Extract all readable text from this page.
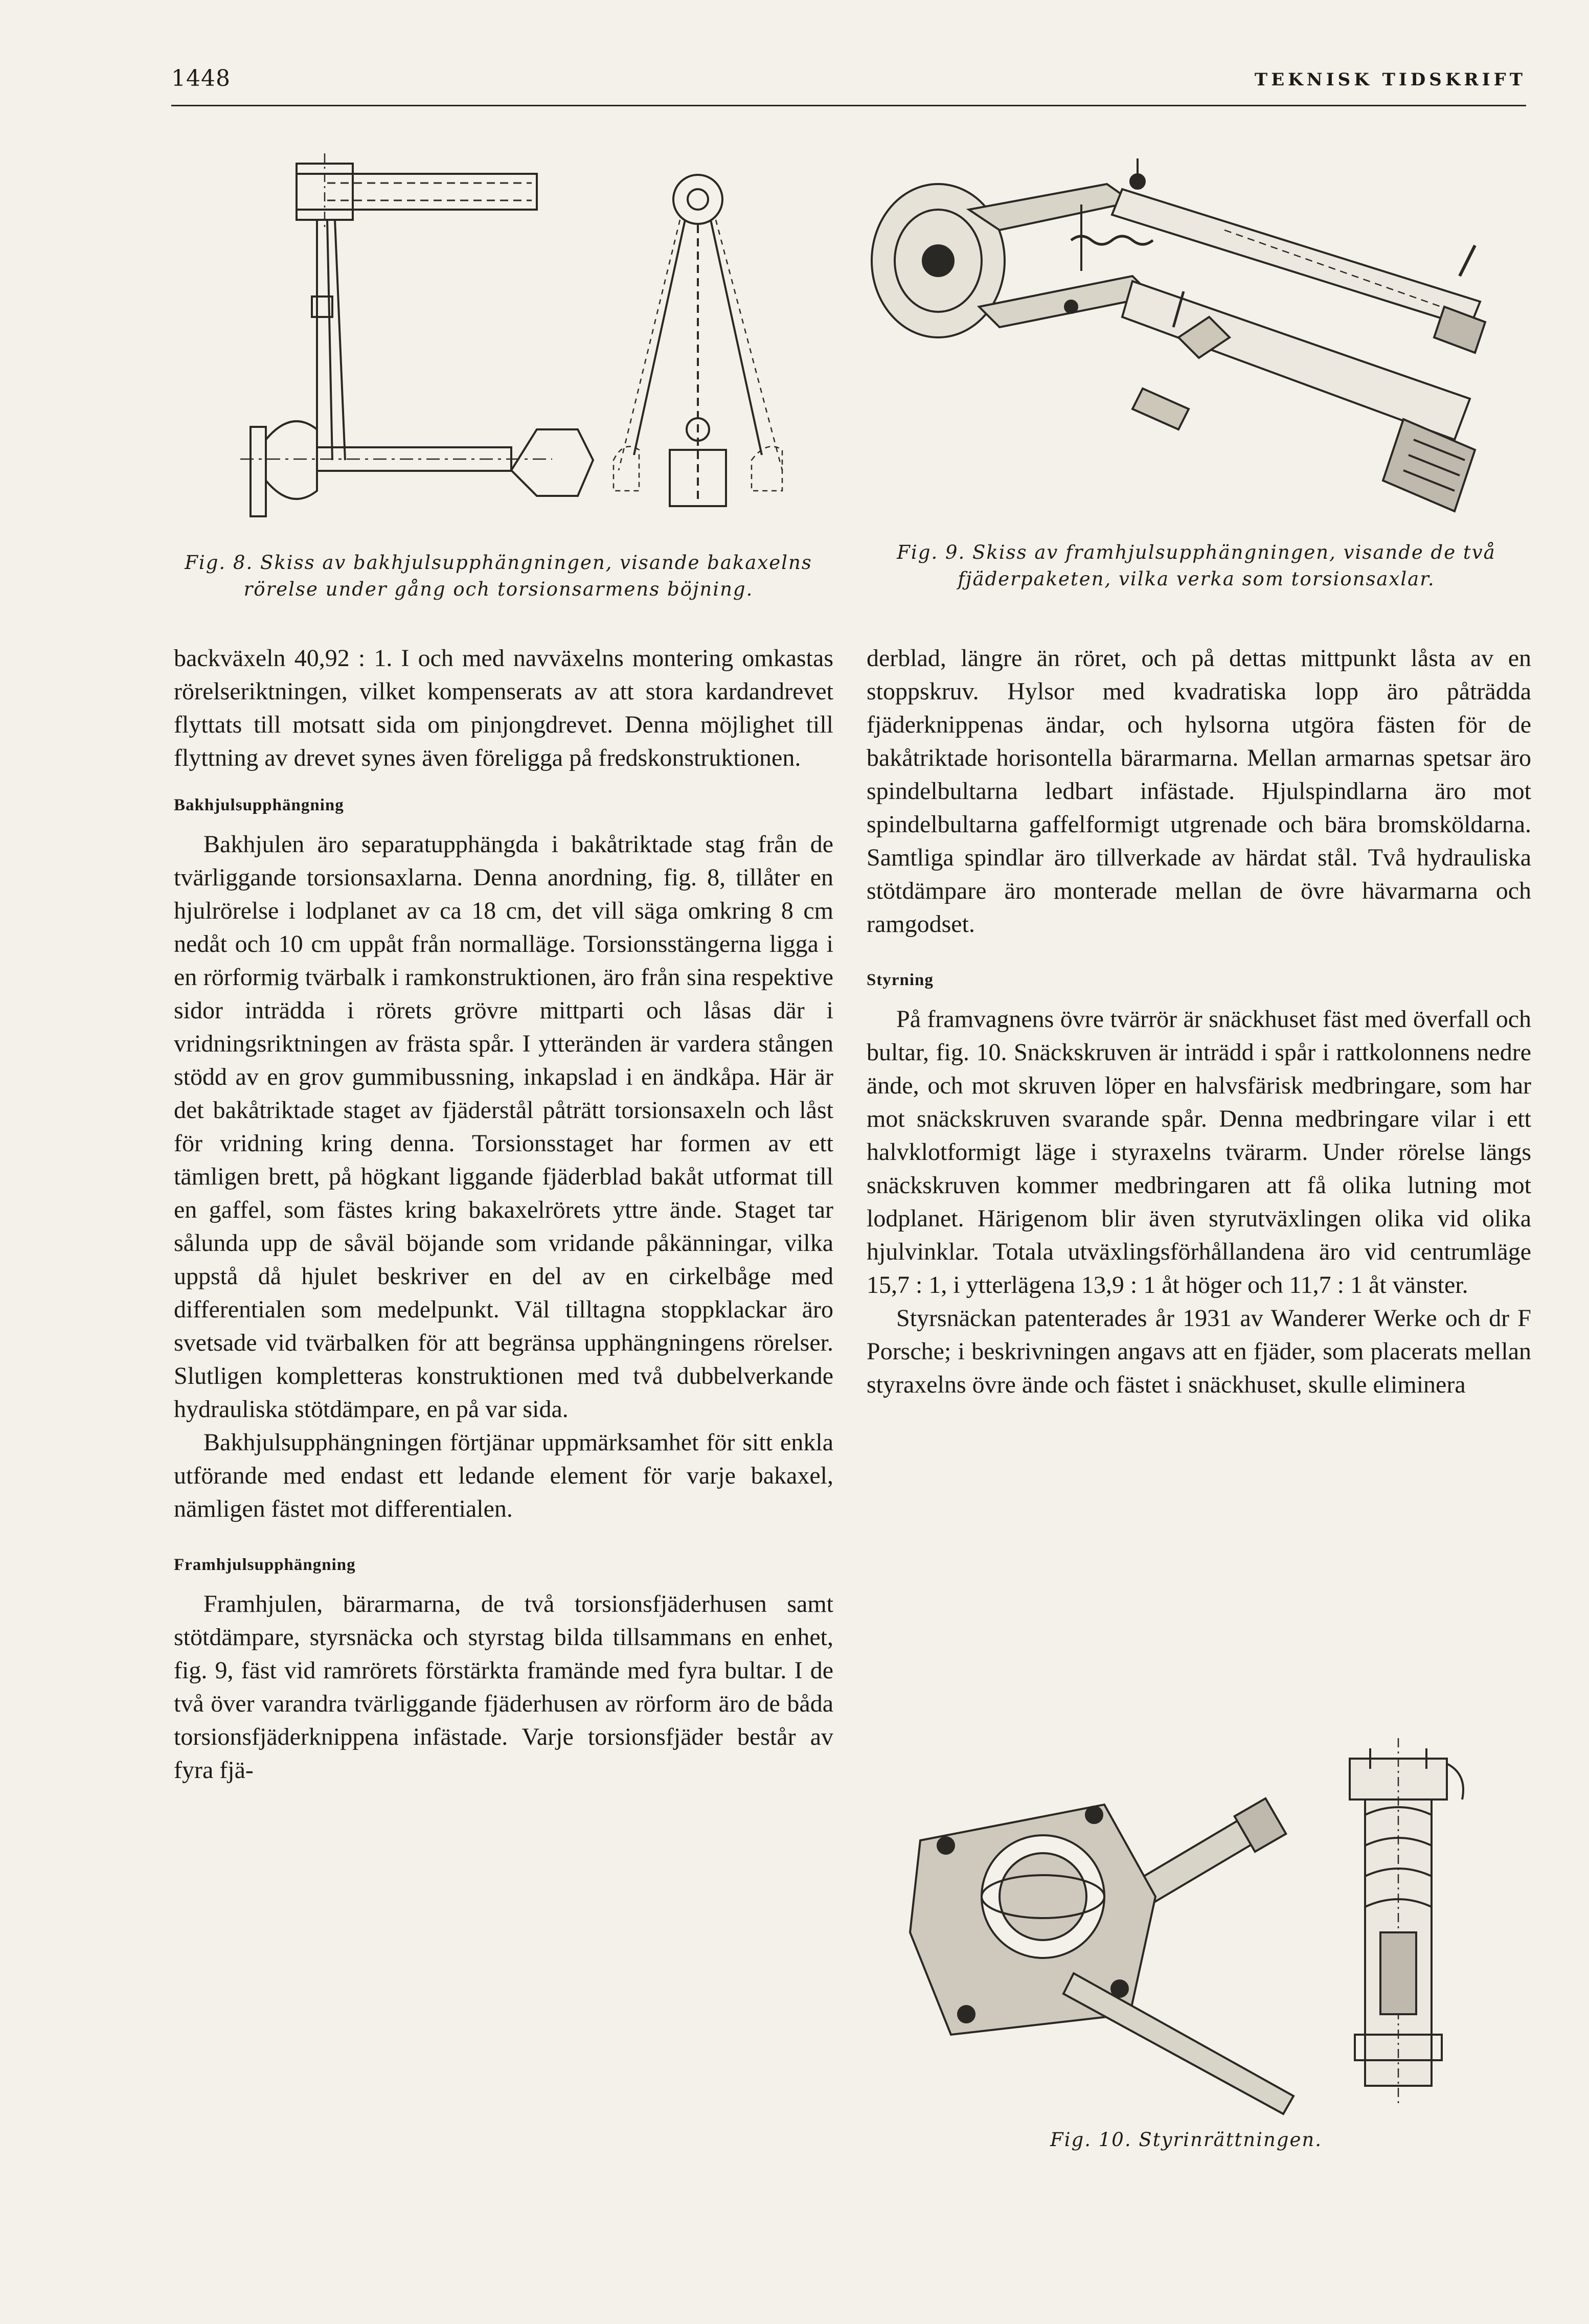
1448	TEKNISK TIDSKRIFT
Fig. 8. Skiss av bakhjulsupphängningen, visande bakaxelns rörelse under gång och torsionsarmens böjning.
Fig. 9. Skiss av framhjulsupphängningen, visande de två fjäderpaketen, vilka verka som torsionsaxlar.

backväxeln 40,92 : 1. I och med navväxelns montering omkastas rörelseriktningen, vilket kompenserats av att stora kardandrevet flyttats till motsatt sida om pinjongdrevet. Denna möjlighet till flyttning av drevet synes även föreligga på fredskonstruktionen.

Bakhjulsupphängning

Bakhjulen äro separatupphängda i bakåtriktade stag från de tvärliggande torsionsaxlarna. Denna anordning, fig. 8, tillåter en hjulrörelse i lodplanet av ca 18 cm, det vill säga omkring 8 cm nedåt och 10 cm uppåt från normalläge. Torsionsstängerna ligga i en rörformig tvärbalk i ramkonstruktionen, äro från sina respektive sidor inträdda i rörets grövre mittparti och låsas där i vridningsriktningen av frästa spår. I ytteränden är vardera stången stödd av en grov gummibussning, inkapslad i en ändkåpa. Här är det bakåtriktade staget av fjäderstål påträtt torsionsaxeln och låst för vridning kring denna. Torsionsstaget har formen av ett tämligen brett, på högkant liggande fjäderblad bakåt utformat till en gaffel, som fästes kring bakaxelrörets yttre ände. Staget tar sålunda upp de såväl böjande som vridande påkänningar, vilka uppstå då hjulet beskriver en del av en cirkelbåge med differentialen som medelpunkt. Väl tilltagna stoppklackar äro svetsade vid tvärbalken för att begränsa upphängningens rörelser. Slutligen kompletteras konstruktionen med två dubbelverkande hydrauliska stötdämpare, en på var sida.

Bakhjulsupphängningen förtjänar uppmärksamhet för sitt enkla utförande med endast ett ledande element för varje bakaxel, nämligen fästet mot differentialen.

Framhjulsupphängning

Framhjulen, bärarmarna, de två torsionsfjäderhusen samt stötdämpare, styrsnäcka och styrstag bilda tillsammans en enhet, fig. 9, fäst vid ramrörets förstärkta framände med fyra bultar. I de två över varandra tvärliggande fjäderhusen av rörform äro de båda torsionsfjäderknippena infästade. Varje torsionsfjäder består av fyra fjä-

derblad, längre än röret, och på dettas mittpunkt låsta av en stoppskruv. Hylsor med kvadratiska lopp äro påträdda fjäderknippenas ändar, och hylsorna utgöra fästen för de bakåtriktade horisontella bärarmarna. Mellan armarnas spetsar äro spindelbultarna ledbart infästade. Hjulspindlarna äro mot spindelbultarna gaffelformigt utgrenade och bära bromsköldarna. Samtliga spindlar äro tillverkade av härdat stål. Två hydrauliska stötdämpare äro monterade mellan de övre hävarmarna och ramgodset.

Styrning

På framvagnens övre tvärrör är snäckhuset fäst med överfall och bultar, fig. 10. Snäckskruven är inträdd i spår i rattkolonnens nedre ände, och mot skruven löper en halvsfärisk medbringare, som har mot snäckskruven svarande spår. Denna medbringare vilar i ett halvklotformigt läge i styraxelns tvärarm. Under rörelse längs snäckskruven kommer medbringaren att få olika lutning mot lodplanet. Härigenom blir även styrutväxlingen olika vid olika hjulvinklar. Totala utväxlingsförhållandena äro vid centrumläge 15,7 : 1, i ytterlägena 13,9 : 1 åt höger och 11,7 : 1 åt vänster.

Styrsnäckan patenterades år 1931 av Wanderer Werke och dr F Porsche; i beskrivningen angavs att en fjäder, som placerats mellan styraxelns övre ände och fästet i snäckhuset, skulle eliminera

Fig. 10. Styrinrättningen.
